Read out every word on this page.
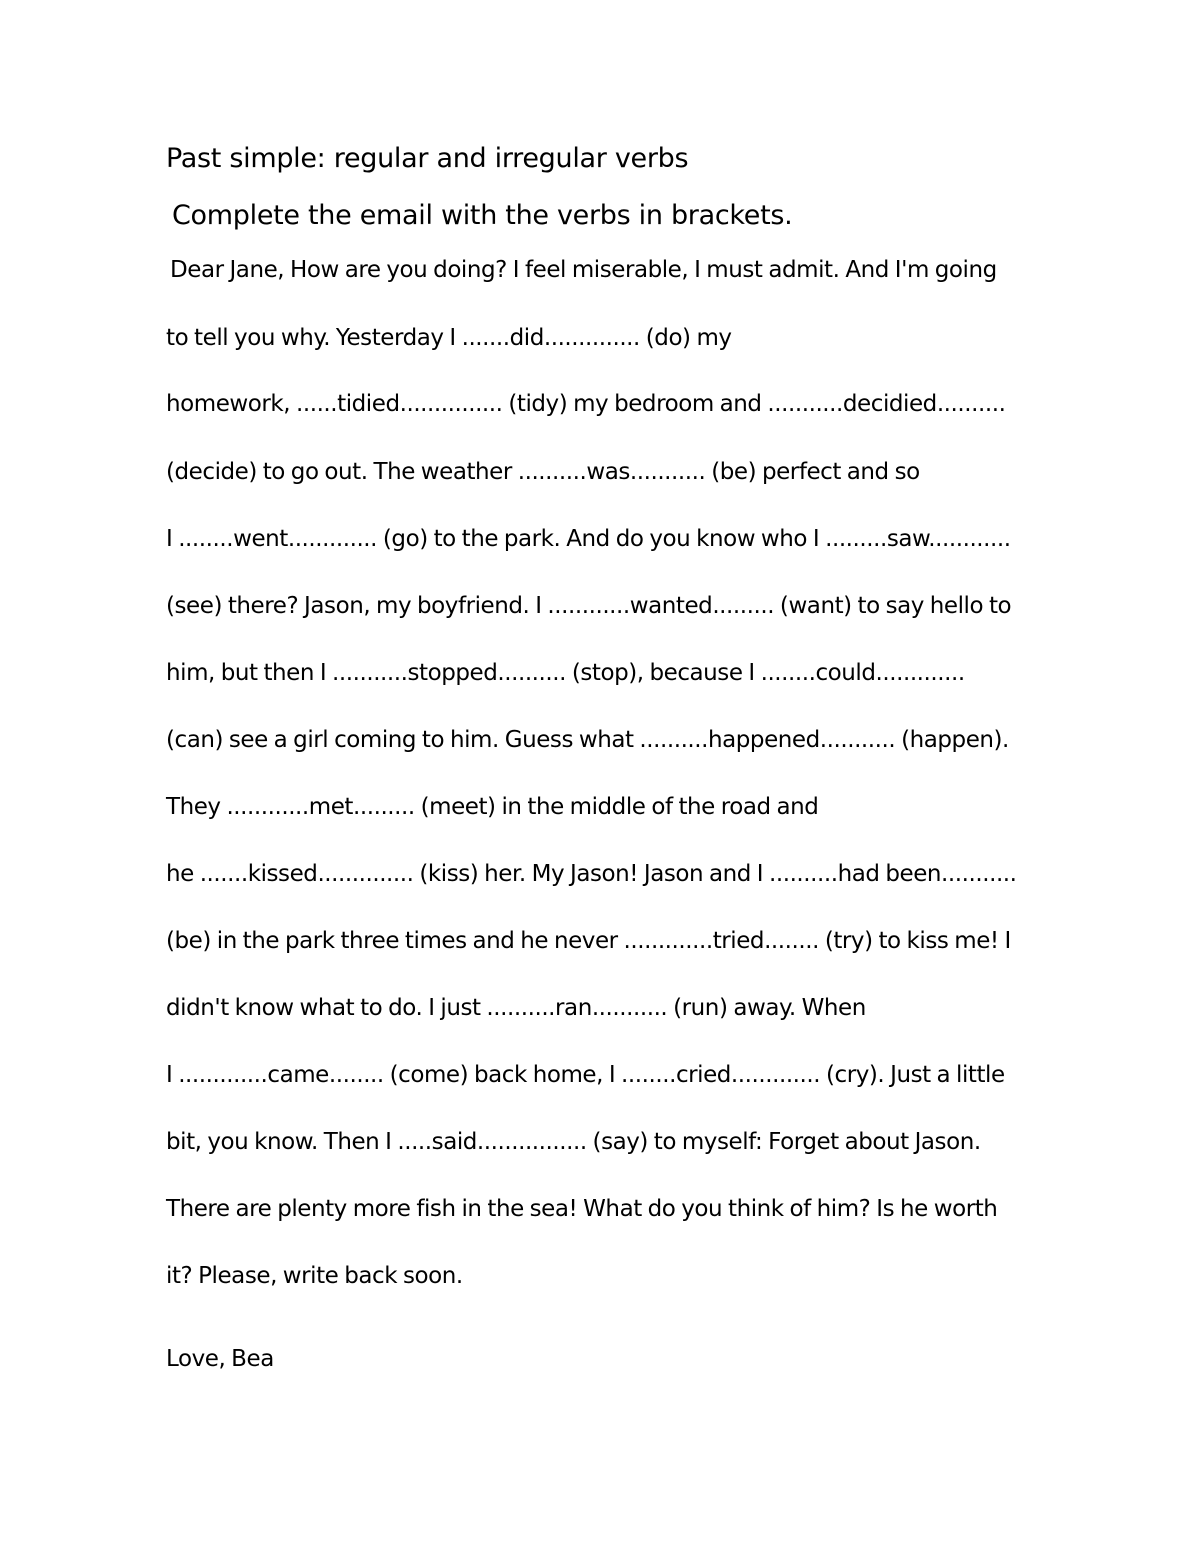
Past simple: regular and irregular verbs
Complete the email with the verbs in brackets.
Dear Jane, How are you doing? I feel miserable, I must admit. And I'm going
to tell you why. Yesterday I .......did.............. (do) my
homework, ......tidied............... (tidy) my bedroom and ...........decidied..........
(decide) to go out. The weather ..........was........... (be) perfect and so
I ........went............. (go) to the park. And do you know who I .........saw............
(see) there? Jason, my boyfriend. I ............wanted......... (want) to say hello to
him, but then I ...........stopped.......... (stop), because I ........could.............
(can) see a girl coming to him. Guess what ..........happened........... (happen).
They ............met......... (meet) in the middle of the road and
he .......kissed.............. (kiss) her. My Jason! Jason and I ..........had been...........
(be) in the park three times and he never .............tried........ (try) to kiss me! I
didn't know what to do. I just ..........ran........... (run) away. When
I .............came........ (come) back home, I ........cried............. (cry). Just a little
bit, you know. Then I .....said................ (say) to myself: Forget about Jason.
There are plenty more fish in the sea! What do you think of him? Is he worth
it? Please, write back soon.
Love, Bea
